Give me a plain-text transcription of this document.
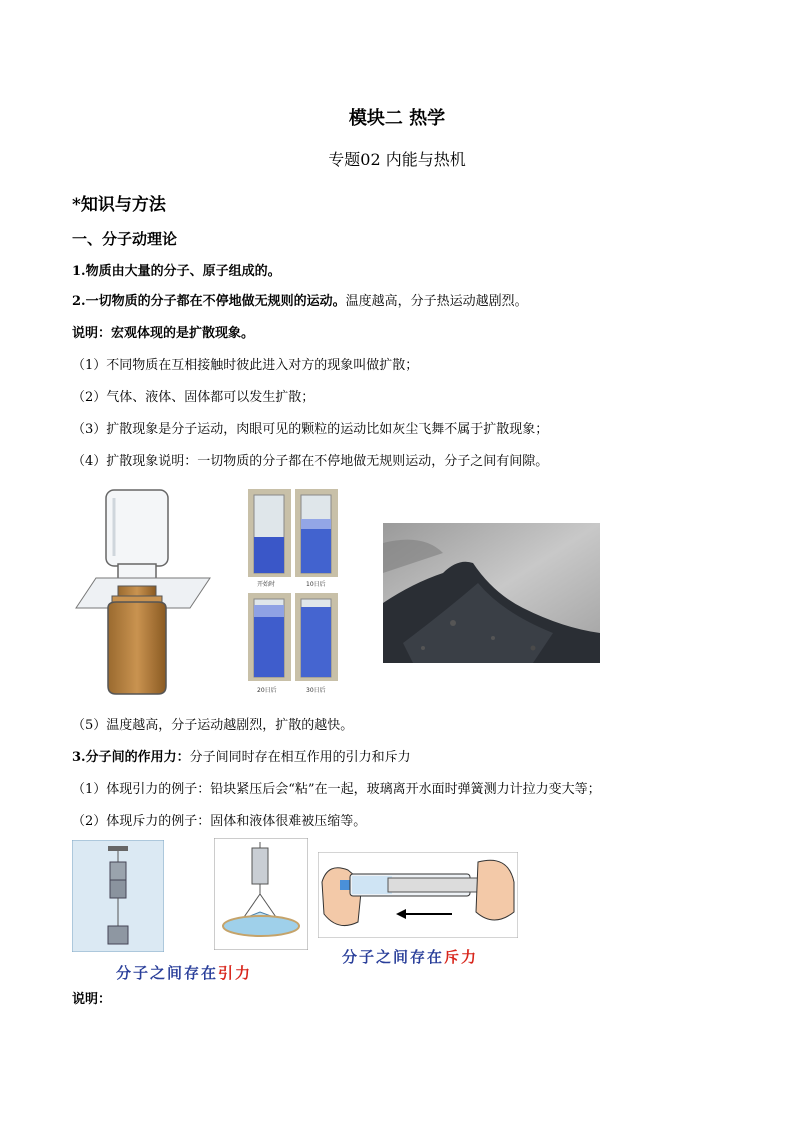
模块二 热学
专题02 内能与热机
*知识与方法
一、分子动理论
1.物质由大量的分子、原子组成的。
2.一切物质的分子都在不停地做无规则的运动。温度越高，分子热运动越剧烈。
说明：宏观体现的是扩散现象。
（1）不同物质在互相接触时彼此进入对方的现象叫做扩散；
（2）气体、液体、固体都可以发生扩散；
（3）扩散现象是分子运动，肉眼可见的颗粒的运动比如灰尘飞舞不属于扩散现象；
（4）扩散现象说明：一切物质的分子都在不停地做无规则运动，分子之间有间隙。
开始时	10日后
20日后	30日后
（5）温度越高，分子运动越剧烈，扩散的越快。
3.分子间的作用力：分子间同时存在相互作用的引力和斥力
（1）体现引力的例子：铅块紧压后会“粘”在一起，玻璃离开水面时弹簧测力计拉力变大等；
（2）体现斥力的例子：固体和液体很难被压缩等。
分子之间存在引力
分子之间存在斥力
说明：
